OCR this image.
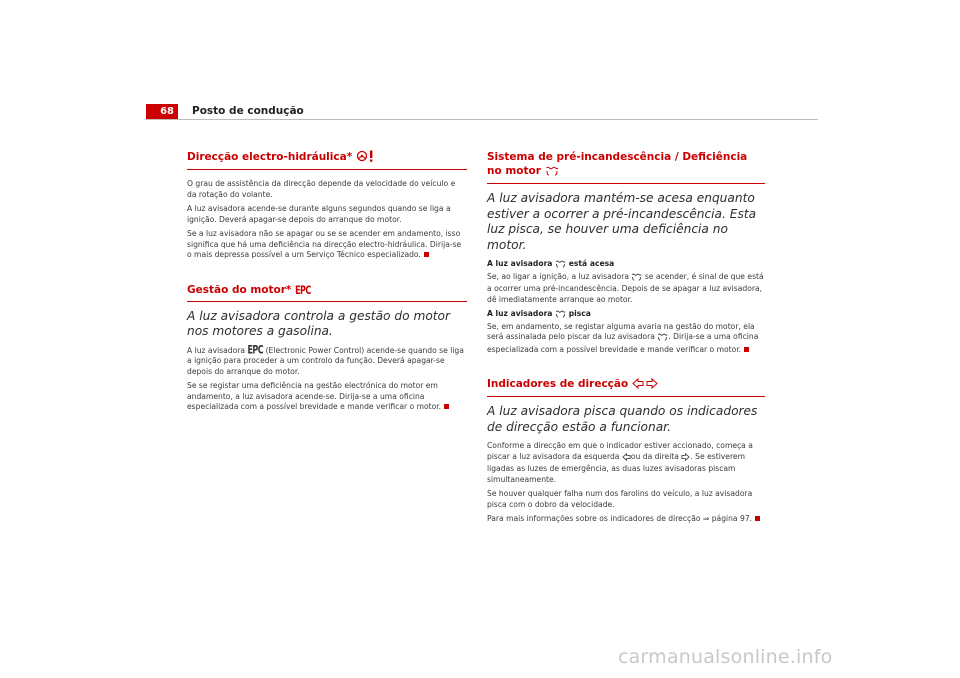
68	Posto de condução
Direcção electro-hidráulica*

O grau de assistência da direcção depende da velocidade do veículo e da rotação do volante.

A luz avisadora acende-se durante alguns segundos quando se liga a ignição. Deverá apagar-se depois do arranque do motor.

Se a luz avisadora não se apagar ou se se acender em andamento, isso significa que há uma deficiência na direcção electro-hidráulica. Dirija-se o mais depressa possível a um Serviço Técnico especializado.

Gestão do motor* EPC
A luz avisadora controla a gestão do motor nos motores a gasolina.

A luz avisadora EPC (Electronic Power Control) acende-se quando se liga a ignição para proceder a um controlo da função. Deverá apagar-se depois do arranque do motor.

Se se registar uma deficiência na gestão electrónica do motor em andamento, a luz avisadora acende-se. Dirija-se a uma oficina especializada com a possível brevidade e mande verificar o motor.

Sistema de pré-incandescência / Deficiência no motor
A luz avisadora mantém-se acesa enquanto estiver a ocorrer a pré-incandescência. Esta luz pisca, se houver uma deficiência no motor.
A luz avisadora está acesa

Se, ao ligar a ignição, a luz avisadora se acender, é sinal de que está a ocorrer uma pré-incandescência. Depois de se apagar a luz avisadora, dê imediatamente arranque ao motor.

A luz avisadora pisca

Se, em andamento, se registar alguma avaria na gestão do motor, ela será assinalada pelo piscar da luz avisadora . Dirija-se a uma oficina especializada com a possível brevidade e mande verificar o motor.

Indicadores de direcção
A luz avisadora pisca quando os indicadores de direcção estão a funcionar.

Conforme a direcção em que o indicador estiver accionado, começa a piscar a luz avisadora da esquerda ou da direita . Se estiverem ligadas as luzes de emergência, as duas luzes avisadoras piscam simultaneamente.

Se houver qualquer falha num dos farolins do veículo, a luz avisadora pisca com o dobro da velocidade.

Para mais informações sobre os indicadores de direcção ⇒ página 97.

carmanualsonline.info
